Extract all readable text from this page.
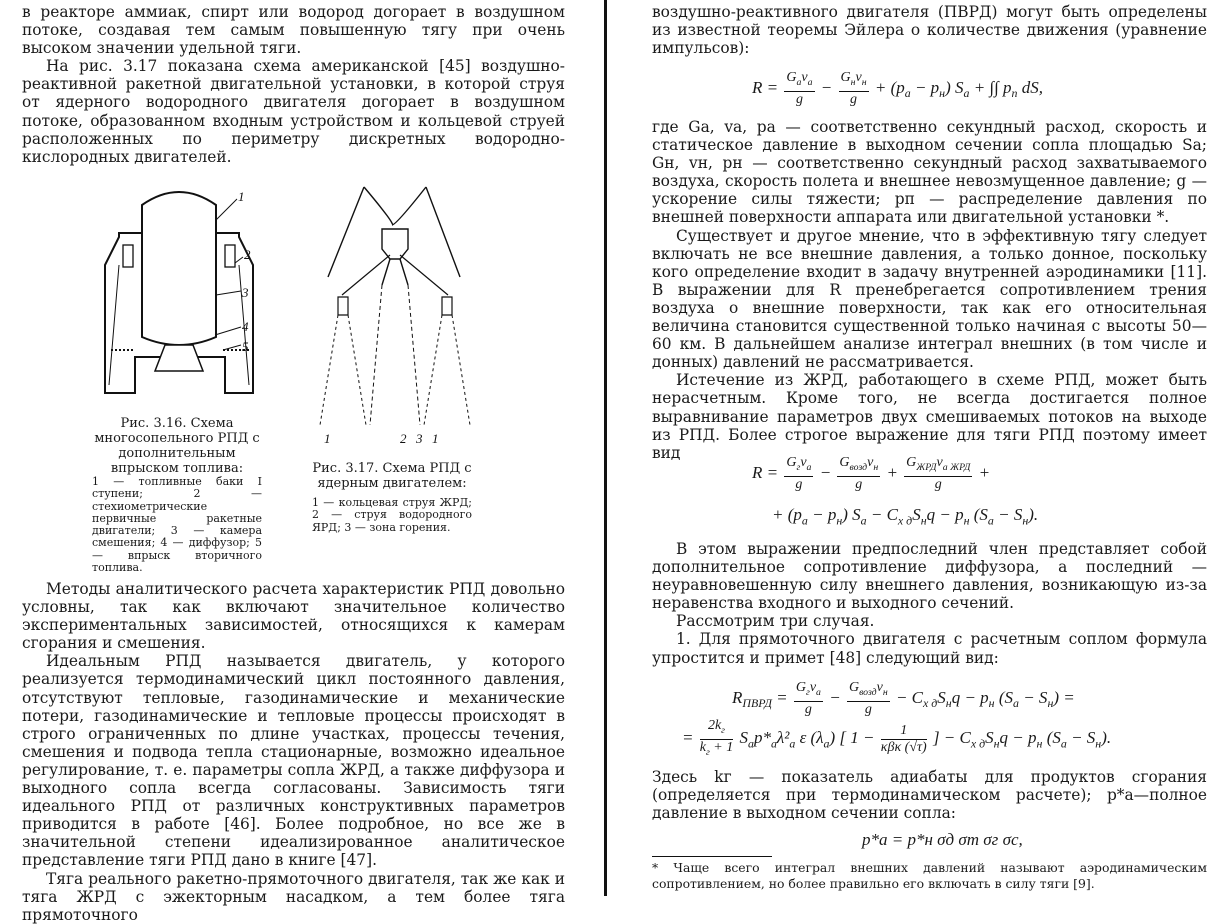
в реакторе аммиак, спирт или водород догорает в воздушном потоке, создавая тем самым повышенную тягу при очень высоком значении удельной тяги.

На рис. 3.17 показана схема американской [45] воздушно-реактивной ракетной двигательной установки, в которой струя от ядерного водородного двигателя догорает в воздушном потоке, образованном входным устройством и кольцевой струей расположенных по периметру дискретных водородно-кислородных двигателей.

1
2
3
4
5
Рис. 3.16. Схема многосопельного РПД с дополнительным впрыском топлива:
1 — топливные баки I ступени; 2 — стехиометрические первичные ракетные двигатели; 3 — камера смешения; 4 — диффузор; 5 — впрыск вторичного топлива.
1	2 3 1
Рис. 3.17. Схема РПД с ядерным двигателем:
1 — кольцевая струя ЖРД; 2 — струя водородного ЯРД; 3 — зона горения.

Методы аналитического расчета характеристик РПД довольно условны, так как включают значительное количество экспериментальных зависимостей, относящихся к камерам сгорания и смешения.

Идеальным РПД называется двигатель, у которого реализуется термодинамический цикл постоянного давления, отсутствуют тепловые, газодинамические и механические потери, газодинамические и тепловые процессы происходят в строго ограниченных по длине участках, процессы течения, смешения и подвода тепла стационарные, возможно идеальное регулирование, т. е. параметры сопла ЖРД, а также диффузора и выходного сопла всегда согласованы. Зависимость тяги идеального РПД от различных конструктивных параметров приводится в работе [46]. Более подробное, но все же в значительной степени идеализированное аналитическое представление тяги РПД дано в книге [47].

Тяга реального ракетно-прямоточного двигателя, так же как и тяга ЖРД с эжекторным насадком, а тем более тяга прямоточного

воздушно-реактивного двигателя (ПВРД) могут быть определены из известной теоремы Эйлера о количестве движения (уравнение импульсов):

$R = \frac{G_av_a}{g} - \frac{G_нv_н}{g} + (p_a - p_н) S_a$ + ∫∫ $p_п$ dS,

где Ga, va, pa — соответственно секундный расход, скорость и статическое давление в выходном сечении сопла площадью Sa; Gн, vн, pн — соответственно секундный расход захватываемого воздуха, скорость полета и внешнее невозмущенное давление; g — ускорение силы тяжести; pп — распределение давления по внешней поверхности аппарата или двигательной установки *.

Существует и другое мнение, что в эффективную тягу следует включать не все внешние давления, а только донное, поскольку кого определение входит в задачу внутренней аэродинамики [11]. В выражении для R пренебрегается сопротивлением трения воздуха о внешние поверхности, так как его относительная величина становится существенной только начиная с высоты 50—60 км. В дальнейшем анализе интеграл внешних (в том числе и донных) давлений не рассматривается.

Истечение из ЖРД, работающего в схеме РПД, может быть нерасчетным. Кроме того, не всегда достигается полное выравнивание параметров двух смешиваемых потоков на выходе из РПД. Более строгое выражение для тяги РПД поэтому имеет вид

$R = \frac{G_гv_a}{g} - \frac{G_{возд}v_н}{g} + \frac{G_{ЖРД}v_{a ЖРД}}{g}$ +
+ $(p_a - p_н) S_a - C_{x д}S_нq - p_н$ $(S_a - S_н)$.

В этом выражении предпоследний член представляет собой дополнительное сопротивление диффузора, а последний — неуравновешенную силу внешнего давления, возникающую из-за неравенства входного и выходного сечений.

Рассмотрим три случая.

1. Для прямоточного двигателя с расчетным соплом формула упростится и примет [48] следующий вид:

$R_{ПВРД} = \frac{G_гv_a}{g} - \frac{G_{возд}v_н}{g} - C_{x д}S_нq - p_н$ $(S_a - S_н)$ =
= $\frac{2k_г}{k_г + 1} S_ap*_a\lambda^2_a$ ε $(\lambda_a)$ [ $1 - \frac{1}{\text{κβκ (√τ)}}$ ] − $C_{x д}S_нq - p_н$ $(S_a - S_н)$.

Здесь kг — показатель адиабаты для продуктов сгорания (определяется при термодинамическом расчете); p*a—полное давление в выходном сечении сопла:

p*a = p*н σд σт σг σс,
* Чаще всего интеграл внешних давлений называют аэродинамическим сопротивлением, но более правильно его включать в силу тяги [9].
